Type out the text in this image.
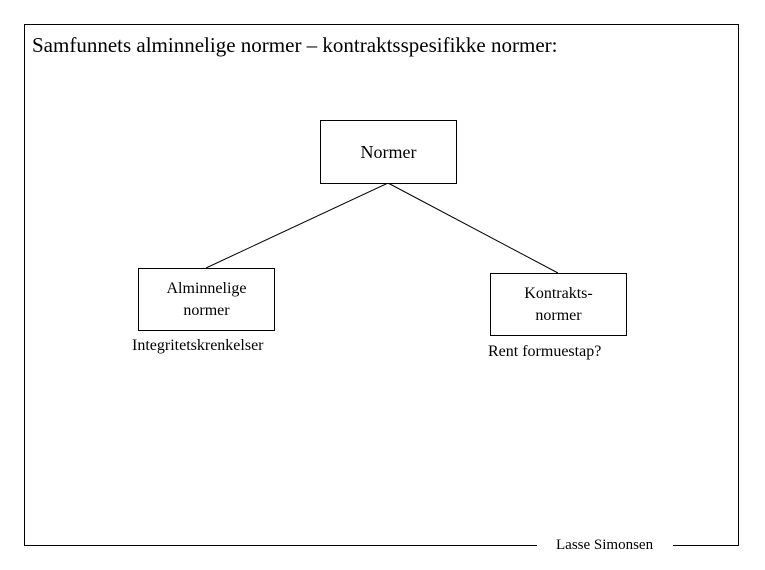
Samfunnets alminnelige normer – kontraktsspesifikke normer:
Normer
Alminnelige
normer
Kontrakts-
normer
Integritetskrenkelser	Rent formuestap?
Lasse Simonsen
